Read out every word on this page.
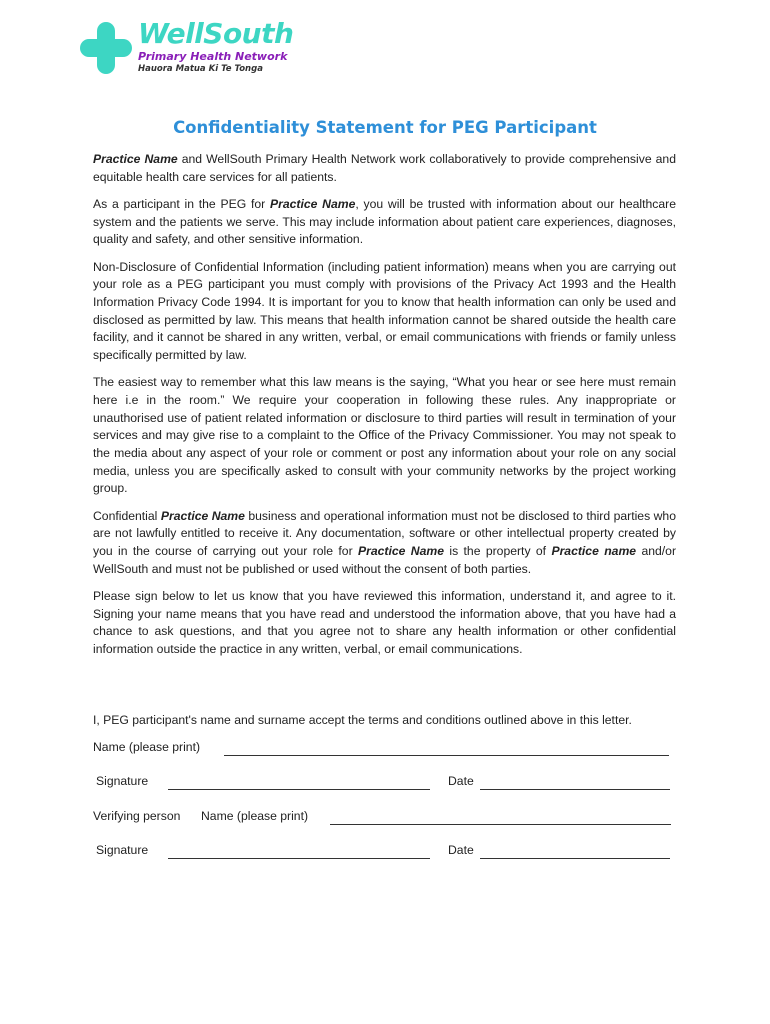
WellSouth
Primary Health Network
Hauora Matua Ki Te Tonga
Confidentiality Statement for PEG Participant

Practice Name and WellSouth Primary Health Network work collaboratively to provide comprehensive and equitable health care services for all patients.

As a participant in the PEG for Practice Name, you will be trusted with information about our healthcare system and the patients we serve. This may include information about patient care experiences, diagnoses, quality and safety, and other sensitive information.

Non-Disclosure of Confidential Information (including patient information) means when you are carrying out your role as a PEG participant you must comply with provisions of the Privacy Act 1993 and the Health Information Privacy Code 1994. It is important for you to know that health information can only be used and disclosed as permitted by law. This means that health information cannot be shared outside the health care facility, and it cannot be shared in any written, verbal, or email communications with friends or family unless specifically permitted by law.

The easiest way to remember what this law means is the saying, “What you hear or see here must remain here i.e in the room.” We require your cooperation in following these rules. Any inappropriate or unauthorised use of patient related information or disclosure to third parties will result in termination of your services and may give rise to a complaint to the Office of the Privacy Commissioner. You may not speak to the media about any aspect of your role or comment or post any information about your role on any social media, unless you are specifically asked to consult with your community networks by the project working group.

Confidential Practice Name business and operational information must not be disclosed to third parties who are not lawfully entitled to receive it. Any documentation, software or other intellectual property created by you in the course of carrying out your role for Practice Name is the property of Practice name and/or WellSouth and must not be published or used without the consent of both parties.

Please sign below to let us know that you have reviewed this information, understand it, and agree to it. Signing your name means that you have read and understood the information above, that you have had a chance to ask questions, and that you agree not to share any health information or other confidential information outside the practice in any written, verbal, or email communications.

I, PEG participant's name and surname accept the terms and conditions outlined above in this letter.
Name (please print)
Signature	Date
Verifying person Name (please print)
Signature	Date
